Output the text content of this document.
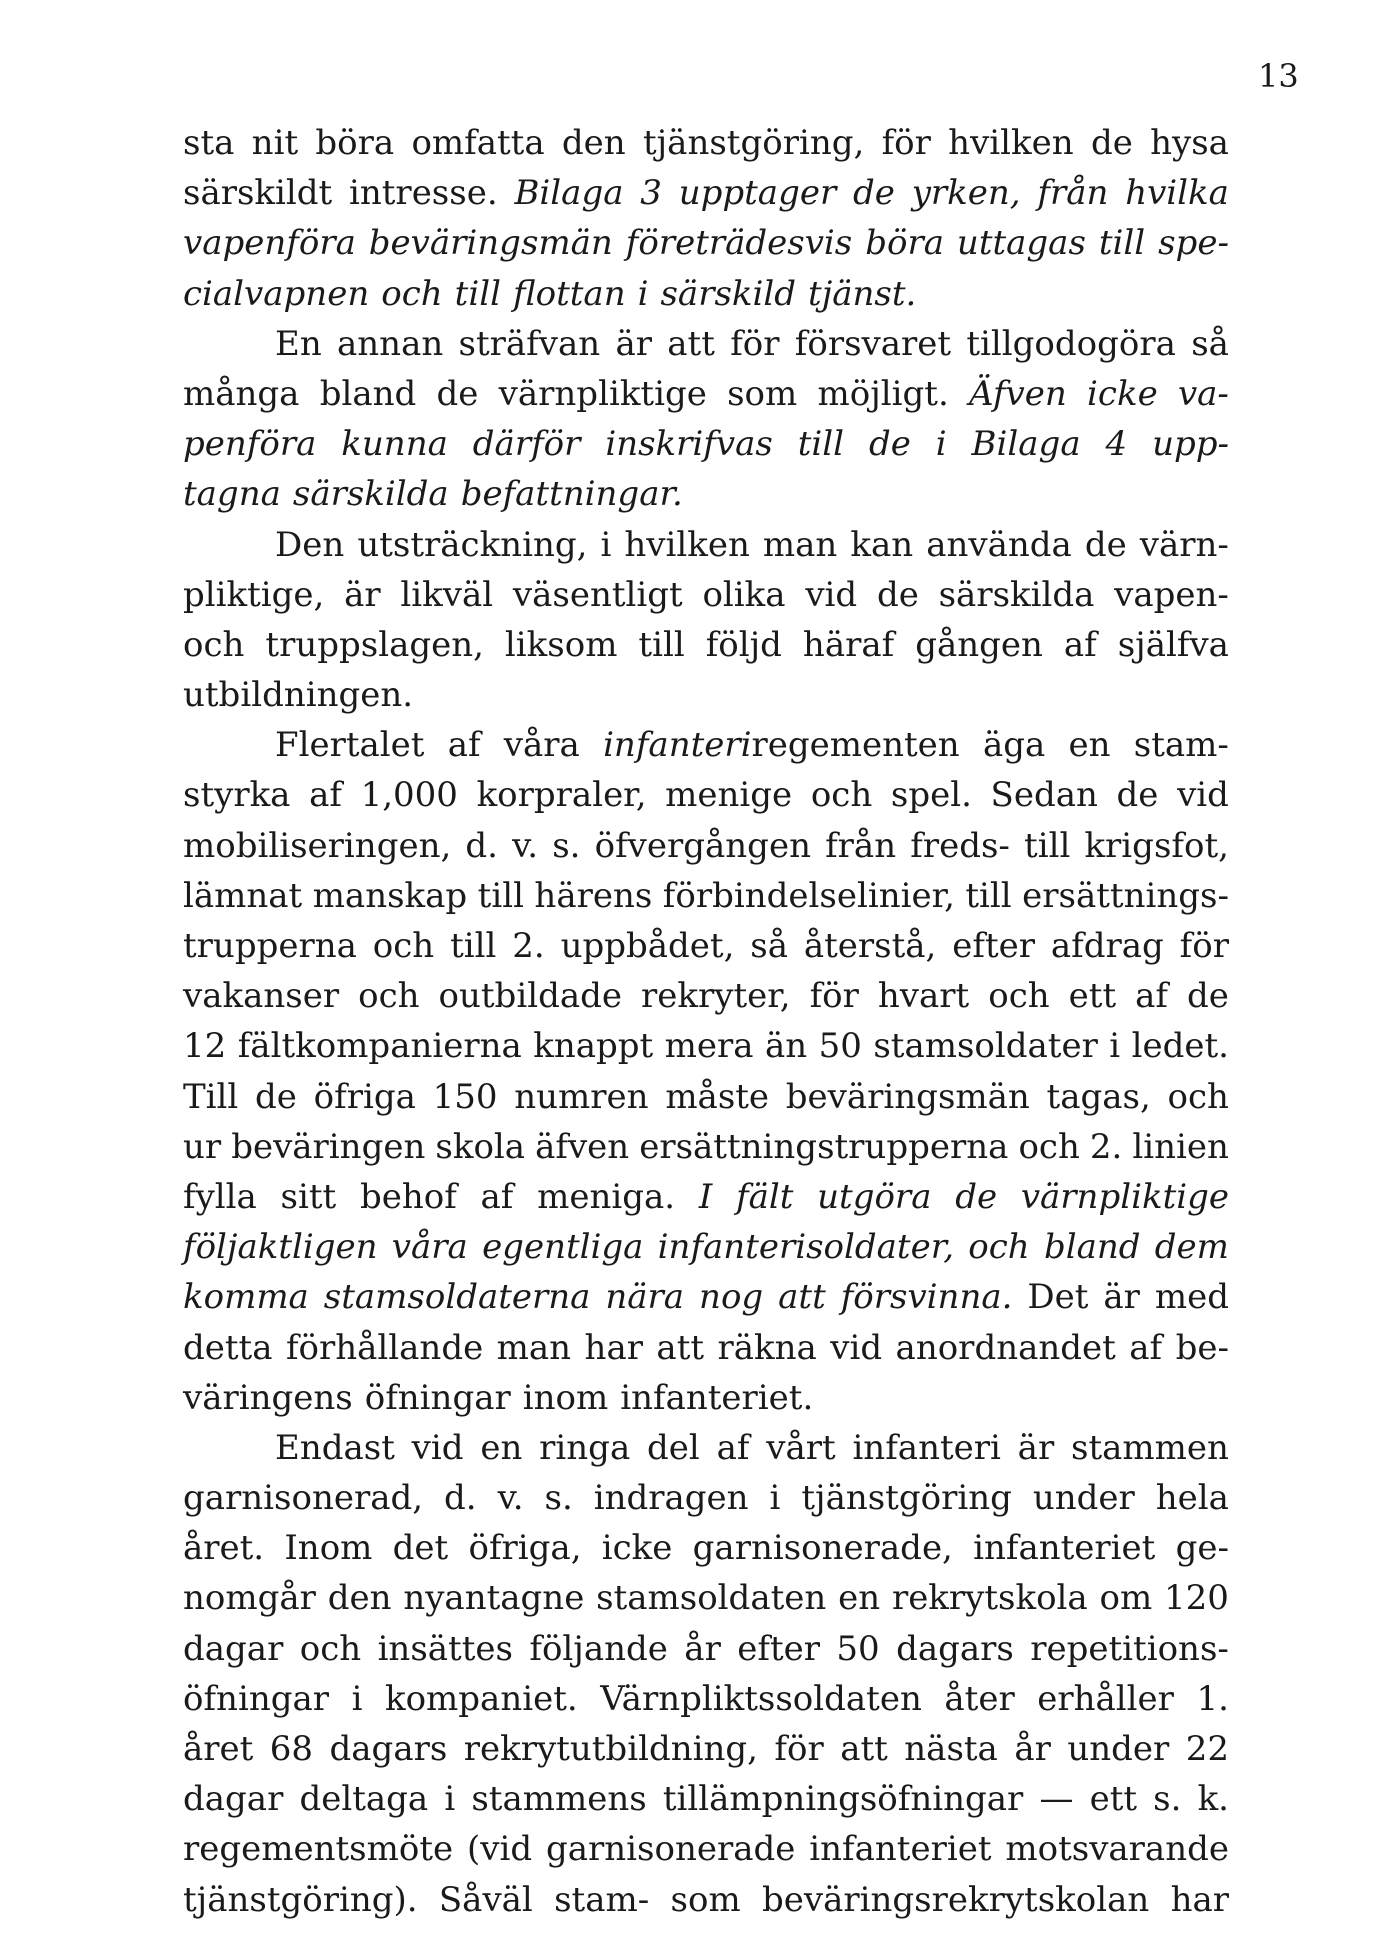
13
sta nit böra omfatta den tjänstgöring, för hvilken de hysa
särskildt intresse. Bilaga 3 upptager de yrken, från hvilka
vapenföra beväringsmän företrädesvis böra uttagas till spe-
cialvapnen och till flottan i särskild tjänst.
En annan sträfvan är att för försvaret tillgodogöra så
många bland de värnpliktige som möjligt. Äfven icke va-
penföra kunna därför inskrifvas till de i Bilaga 4 upp-
tagna särskilda befattningar.
Den utsträckning, i hvilken man kan använda de värn-
pliktige, är likväl väsentligt olika vid de särskilda vapen-
och truppslagen, liksom till följd häraf gången af själfva
utbildningen.
Flertalet af våra infanteriregementen äga en stam-
styrka af 1,000 korpraler, menige och spel. Sedan de vid
mobiliseringen, d. v. s. öfvergången från freds- till krigsfot,
lämnat manskap till härens förbindelselinier, till ersättnings-
trupperna och till 2. uppbådet, så återstå, efter afdrag för
vakanser och outbildade rekryter, för hvart och ett af de
12 fältkompanierna knappt mera än 50 stamsoldater i ledet.
Till de öfriga 150 numren måste beväringsmän tagas, och
ur beväringen skola äfven ersättningstrupperna och 2. linien
fylla sitt behof af meniga. I fält utgöra de värnpliktige
följaktligen våra egentliga infanterisoldater, och bland dem
komma stamsoldaterna nära nog att försvinna. Det är med
detta förhållande man har att räkna vid anordnandet af be-
väringens öfningar inom infanteriet.
Endast vid en ringa del af vårt infanteri är stammen
garnisonerad, d. v. s. indragen i tjänstgöring under hela
året. Inom det öfriga, icke garnisonerade, infanteriet ge-
nomgår den nyantagne stamsoldaten en rekrytskola om 120
dagar och insättes följande år efter 50 dagars repetitions-
öfningar i kompaniet. Värnpliktssoldaten åter erhåller 1.
året 68 dagars rekrytutbildning, för att nästa år under 22
dagar deltaga i stammens tillämpningsöfningar — ett s. k.
regementsmöte (vid garnisonerade infanteriet motsvarande
tjänstgöring). Såväl stam- som beväringsrekrytskolan har
